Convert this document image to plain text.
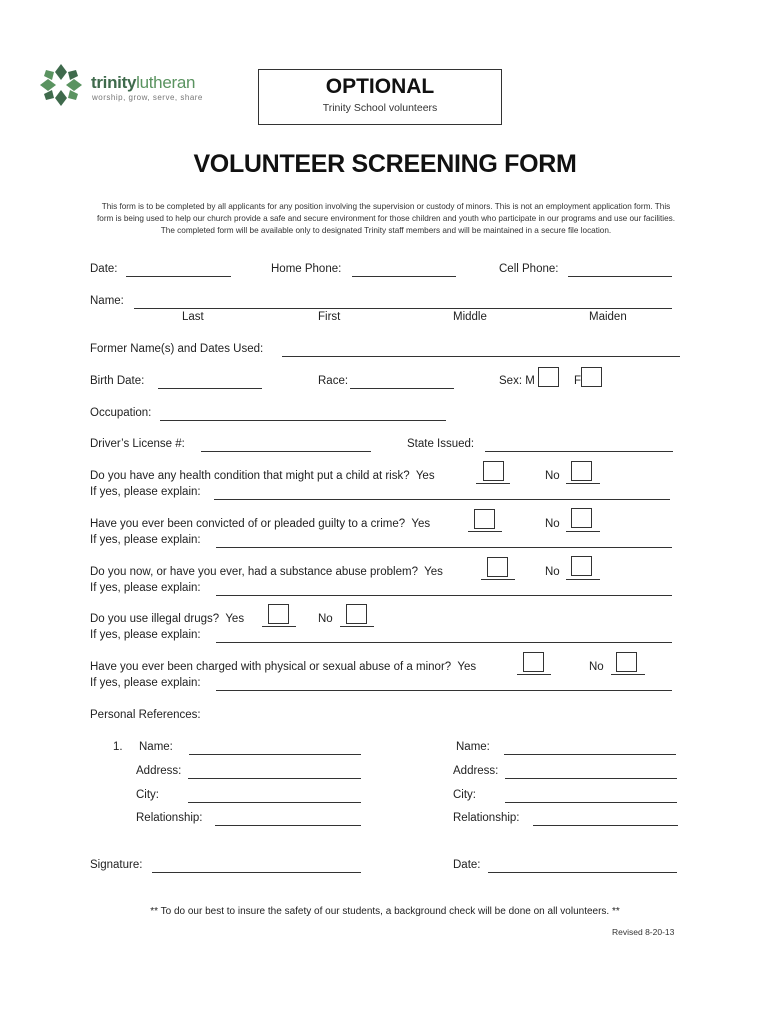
trinitylutheran
worship, grow, serve, share	OPTIONAL
Trinity School volunteers
VOLUNTEER SCREENING FORM
This form is to be completed by all applicants for any position involving the supervision or custody of minors. This is not an employment application form. This form is being used to help our church provide a safe and secure environment for those children and youth who participate in our programs and use our facilities. The completed form will be available only to designated Trinity staff members and will be maintained in a secure file location.
Date:	Home Phone:	Cell Phone:
Name:
Last	First	Middle	Maiden
Former Name(s) and Dates Used:
Birth Date:	Race:	Sex: M	F
Occupation:
Driver’s License #:	State Issued:
Do you have any health condition that might put a child at risk?  Yes	No
If yes, please explain:
Have you ever been convicted of or pleaded guilty to a crime?  Yes	No
If yes, please explain:
Do you now, or have you ever, had a substance abuse problem?  Yes	No
If yes, please explain:
Do you use illegal drugs?  Yes	No
If yes, please explain:
Have you ever been charged with physical or sexual abuse of a minor?  Yes	No
If yes, please explain:
Personal References:
1. Name:
Address:
City:
Relationship:
Name:
Address:
City:
Relationship:
Signature:	Date:
** To do our best to insure the safety of our students, a background check will be done on all volunteers. **
Revised 8-20-13
